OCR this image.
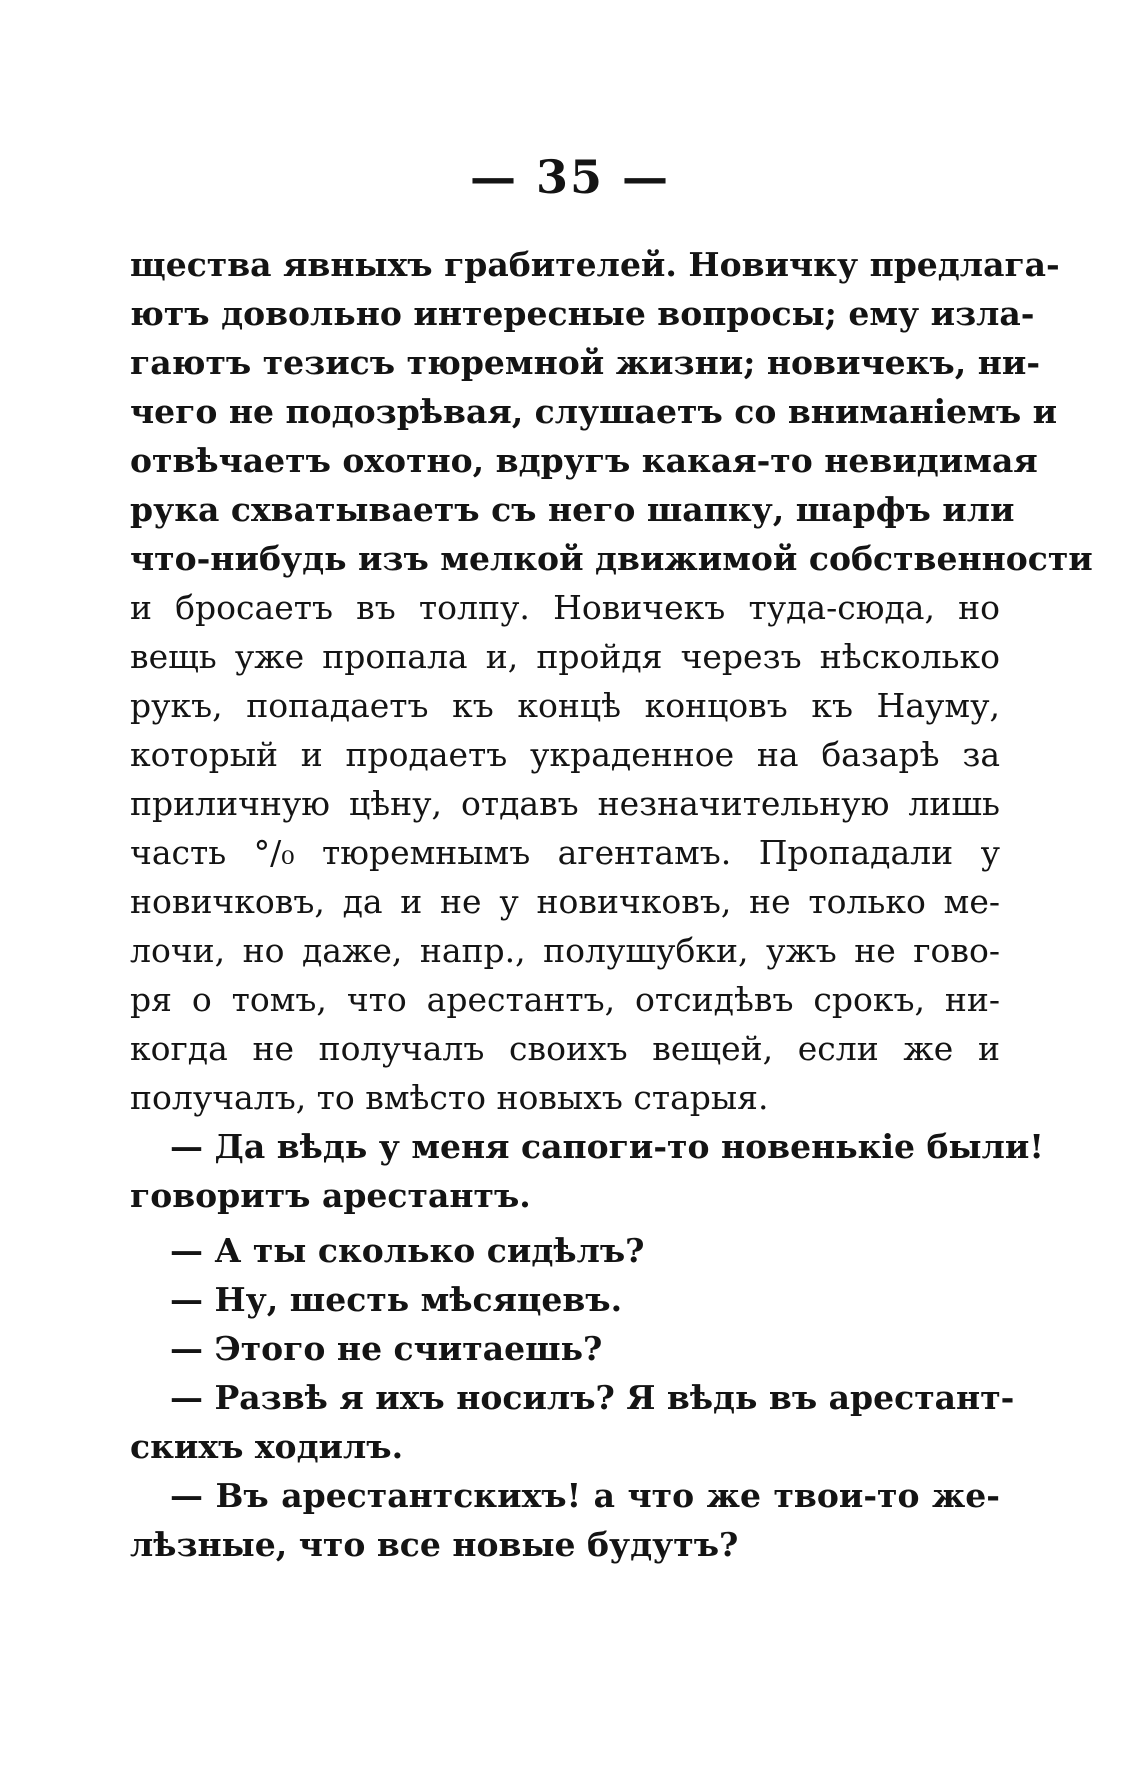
— 35 —
щества явныхъ грабителей. Новичку предлага-
ютъ довольно интересные вопросы; ему изла-
гаютъ тезисъ тюремной жизни; новичекъ, ни-
чего не подозрѣвая, слушаетъ со вниманiемъ и
отвѣчаетъ охотно, вдругъ какая-то невидимая
рука схватываетъ съ него шапку, шарфъ или
что-нибудь изъ мелкой движимой собственности
и бросаетъ въ толпу. Новичекъ туда-сюда, но
вещь уже пропала и, пройдя черезъ нѣсколько
рукъ, попадаетъ къ концѣ концовъ къ Науму,
который и продаетъ украденное на базарѣ за
приличную цѣну, отдавъ незначительную лишь
часть °/₀ тюремнымъ агентамъ. Пропадали у
новичковъ, да и не у новичковъ, не только ме-
лочи, но даже, напр., полушубки, ужъ не гово-
ря о томъ, что арестантъ, отсидѣвъ срокъ, ни-
когда не получалъ своихъ вещей, если же и
получалъ, то вмѣсто новыхъ старыя.
— Да вѣдь у меня сапоги-то новенькiе были!
говоритъ арестантъ.
— А ты сколько сидѣлъ?
— Ну, шесть мѣсяцевъ.
— Этого не считаешь?
— Развѣ я ихъ носилъ? Я вѣдь въ арестант-
скихъ ходилъ.
— Въ арестантскихъ! а что же твои-то же-
лѣзные, что все новые будутъ?
